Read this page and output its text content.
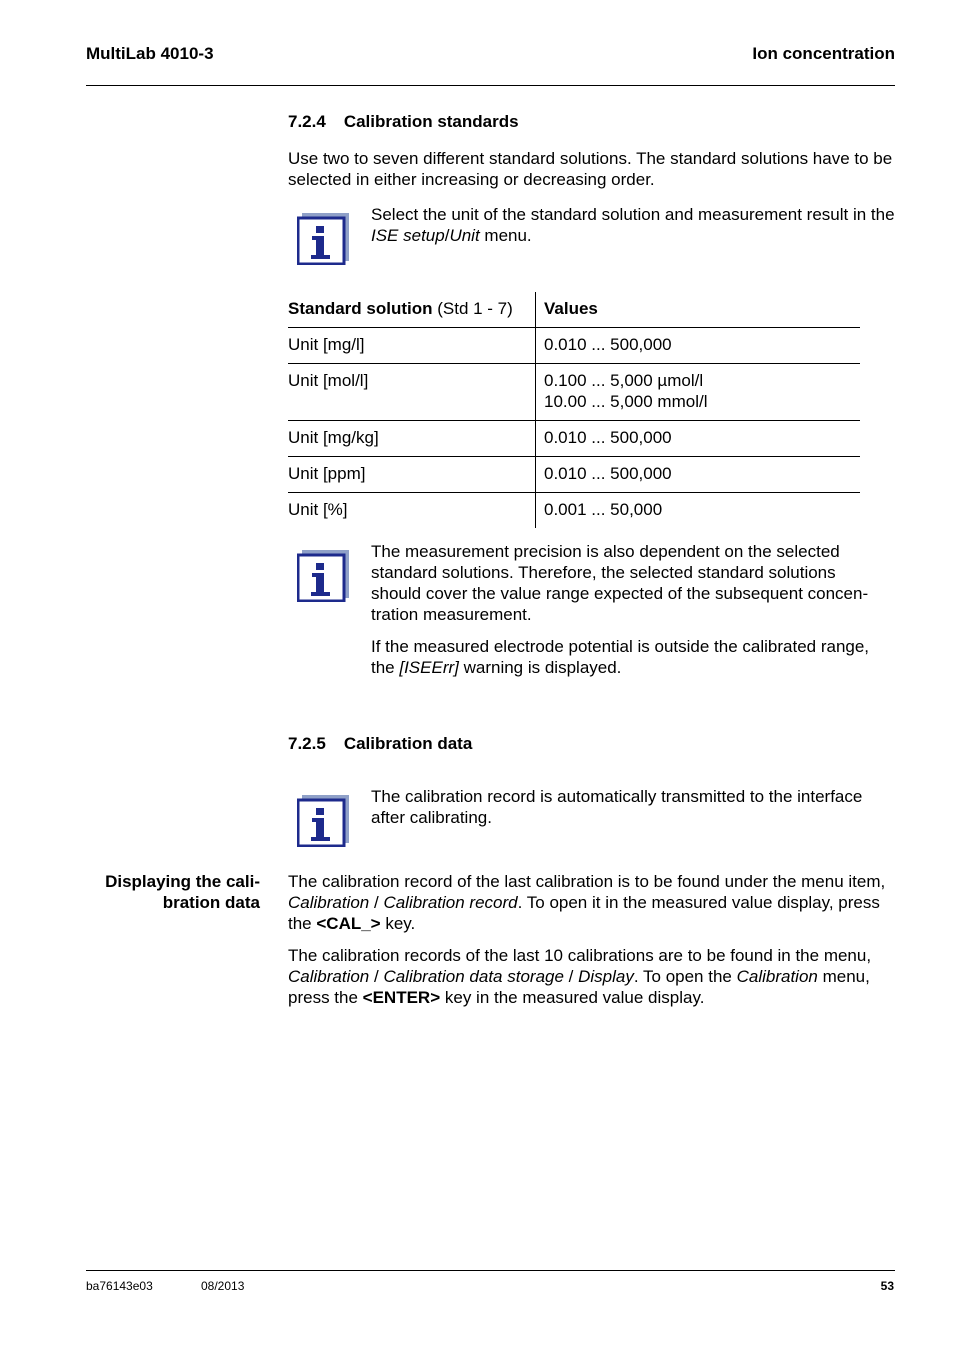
MultiLab 4010-3	Ion concentration
7.2.4 Calibration standards
Use two to seven different standard solutions. The standard solutions have to be selected in either increasing or decreasing order.
Select the unit of the standard solution and measurement result in the ISE setup/Unit menu.
Standard solution (Std 1 - 7)	Values
Unit [mg/l]	0.010 ... 500,000
Unit [mol/l]	0.100 ... 5,000 µmol/l
10.00 ... 5,000 mmol/l

Unit [mg/kg]	0.010 ... 500,000
Unit [ppm]	0.010 ... 500,000
Unit [%]	0.001 ... 50,000
The measurement precision is also dependent on the selected
standard solutions. Therefore, the selected standard solutions
should cover the value range expected of the subsequent concen-
tration measurement.
If the measured electrode potential is outside the calibrated range,
the [ISEErr] warning is displayed.
7.2.5 Calibration data
The calibration record is automatically transmitted to the interface after calibrating.
Displaying the cali-
bration data
The calibration record of the last calibration is to be found under the menu item,
Calibration / Calibration record. To open it in the measured value display, press
the <CAL_> key.
The calibration records of the last 10 calibrations are to be found in the menu,
Calibration / Calibration data storage / Display. To open the Calibration menu,
press the <ENTER> key in the measured value display.
ba76143e03	08/2013	53
